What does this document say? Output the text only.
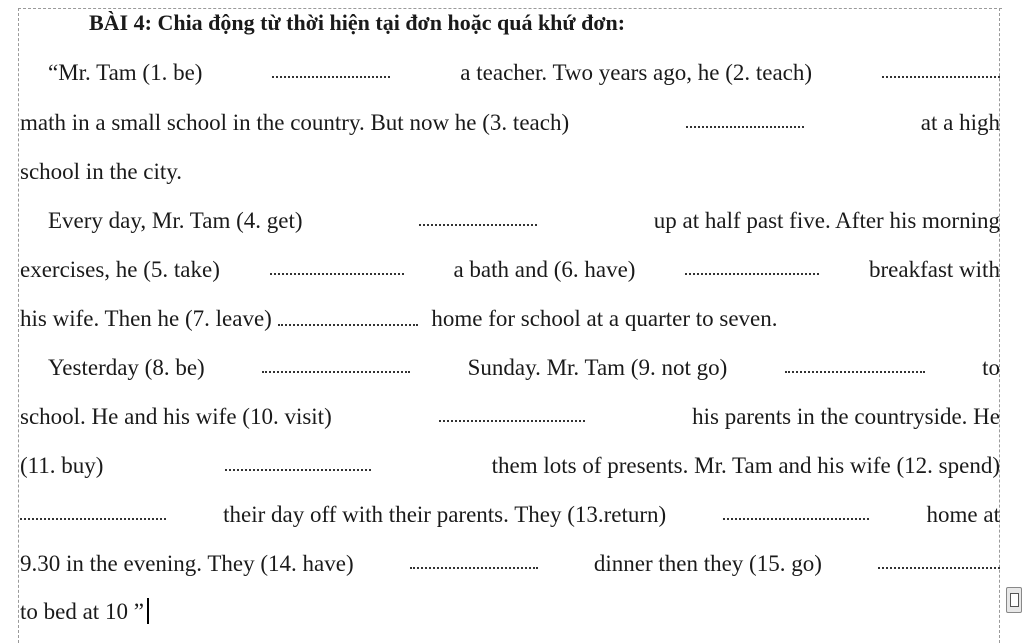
BÀI 4: Chia động từ thời hiện tại đơn hoặc quá khứ đơn:
“Mr. Tam (1. be)	a teacher. Two years ago, he (2. teach)
math in a small school in the country. But now he (3. teach)	at a high
school in the city.
Every day, Mr. Tam (4. get)	up at half past five. After his morning
exercises, he (5. take)	a bath and (6. have)	breakfast with
his wife. Then he (7. leave)	home for school at a quarter to seven.
Yesterday (8. be)	Sunday. Mr. Tam (9. not go)	to
school. He and his wife (10. visit)	his parents in the countryside. He
(11. buy)	them lots of presents. Mr. Tam and his wife (12. spend)
their day off with their parents. They (13.return)	home at
9.30 in the evening. They (14. have)	dinner then they (15. go)
to bed at 10 ”
